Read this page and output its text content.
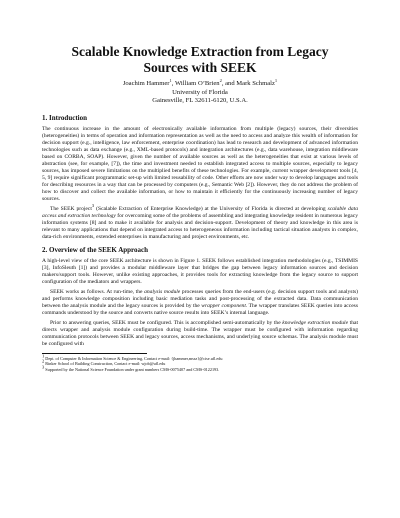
Scalable Knowledge Extraction from Legacy Sources with SEEK
Joachim Hammer$^1$, William O’Brien$^2$, and Mark Schmalz$^1$
University of Florida
Gainesville, FL 32611-6120, U.S.A.
1. Introduction

The continuous increase in the amount of electronically available information from multiple (legacy) sources, their diversities (heterogeneities) in terms of operation and information representation as well as the need to access and analyze this wealth of information for decision support (e.g., intelligence, law enforcement, enterprise coordination) has lead to research and development of advanced information technologies such as data exchange (e.g., XML-based protocols) and integration architectures (e.g., data warehouse, integration middleware based on CORBA, SOAP). However, given the number of available sources as well as the heterogeneities that exist at various levels of abstraction (see, for example, [7]), the time and investment needed to establish integrated access to multiple sources, especially to legacy sources, has imposed severe limitations on the multiplied benefits of these technologies. For example, current wrapper development tools [4, 5, 9] require significant programmatic set-up with limited reusability of code. Other efforts are now under way to develop languages and tools for describing resources in a way that can be processed by computers (e.g., Semantic Web [2]). However, they do not address the problem of how to discover and collect the available information, or how to maintain it efficiently for the continuously increasing number of legacy sources.

The SEEK project$^3$ (Scalable Extraction of Enterprise Knowledge) at the University of Florida is directed at developing scalable data access and extraction technology for overcoming some of the problems of assembling and integrating knowledge resident in numerous legacy information systems [8] and to make it available for analysis and decision-support. Development of theory and knowledge in this area is relevant to many applications that depend on integrated access to heterogeneous information including tactical situation analysts in complex, data-rich environments, extended enterprises in manufacturing and project environments, etc.

2. Overview of the SEEK Approach

A high-level view of the core SEEK architecture is shown in Figure 1. SEEK follows established integration methodologies (e.g., TSIMMIS [3], InfoSleuth [1]) and provides a modular middleware layer that bridges the gap between legacy information sources and decision makers/support tools. However, unlike existing approaches, it provides tools for extracting knowledge from the legacy source to support configuration of the mediators and wrappers.

SEEK works as follows. At run-time, the analysis module processes queries from the end-users (e.g. decision support tools and analysts) and performs knowledge composition including basic mediation tasks and post-processing of the extracted data. Data communication between the analysis module and the legacy sources is provided by the wrapper component. The wrapper translates SEEK queries into access commands understood by the source and converts native source results into SEEK’s internal language.

Prior to answering queries, SEEK must be configured. This is accomplished semi-automatically by the knowledge extraction module that directs wrapper and analysis module configuration during build-time. The wrapper must be configured with information regarding communication protocols between SEEK and legacy sources, access mechanisms, and underlying source schemas. The analysis module must be configured with

$^1$ Dept. of Computer & Information Science & Engineering, Contact e-mail: {jhammer,mssz}@cise.ufl.edu
$^2$ Rinker School of Building Construction, Contact e-mail: wjob@ufl.edu
$^3$ Supported by the National Science Foundation under grant numbers CMS-0075407 and CMS-0122193.
